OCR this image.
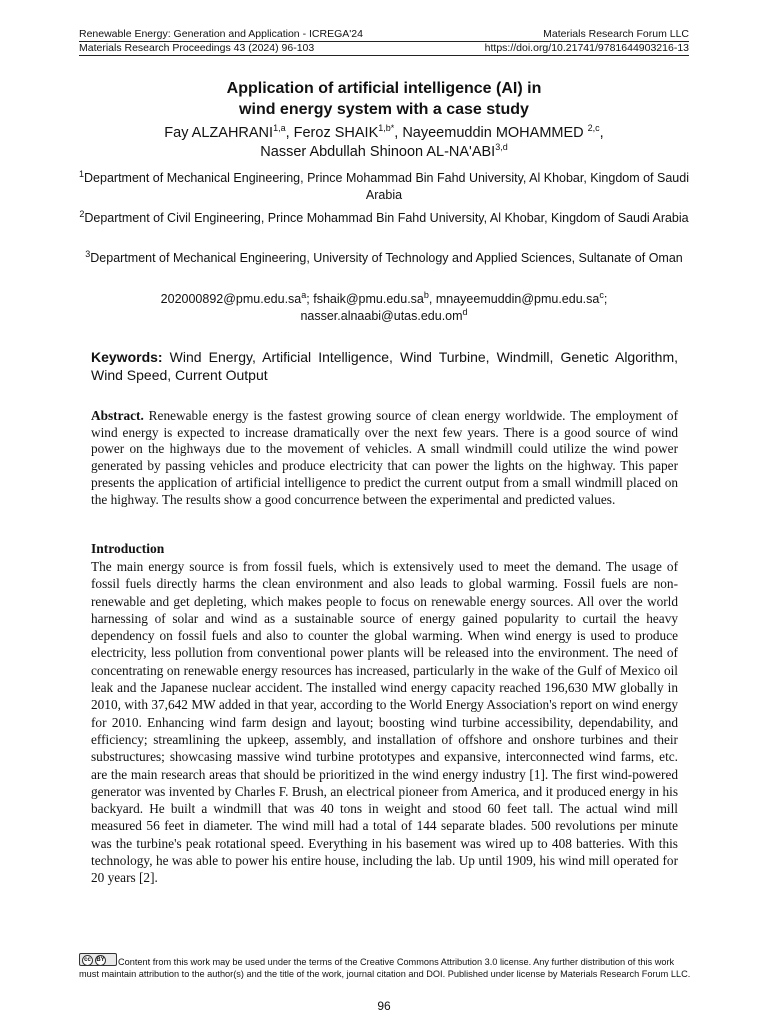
Renewable Energy: Generation and Application - ICREGA'24	Materials Research Forum LLC
Materials Research Proceedings 43 (2024) 96-103	https://doi.org/10.21741/9781644903216-13
Application of artificial intelligence (AI) in
wind energy system with a case study
Fay ALZAHRANI$^{1,a}$, Feroz $SHAIK^{1,b*}$, Nayeemuddin MOHAMMED $^{2,c}$,
Nasser Abdullah Shinoon AL-NA'ABI$^{3,d}$
$^1$Department of Mechanical Engineering, Prince Mohammad Bin Fahd University, Al Khobar, Kingdom of Saudi Arabia
$^2$Department of Civil Engineering, Prince Mohammad Bin Fahd University, Al Khobar, Kingdom of Saudi Arabia
$^3$Department of Mechanical Engineering, University of Technology and Applied Sciences, Sultanate of Oman
$202000892@pmu.edu.sa^a$; $fshaik@pmu.edu.sa^b$, $mnayeemuddin@pmu.edu.sa^c$; $nasser.alnaabi@utas.edu.om^d$
Keywords: Wind Energy, Artificial Intelligence, Wind Turbine, Windmill, Genetic Algorithm, Wind Speed, Current Output
Abstract. Renewable energy is the fastest growing source of clean energy worldwide. The employment of wind energy is expected to increase dramatically over the next few years. There is a good source of wind power on the highways due to the movement of vehicles. A small windmill could utilize the wind power generated by passing vehicles and produce electricity that can power the lights on the highway. This paper presents the application of artificial intelligence to predict the current output from a small windmill placed on the highway. The results show a good concurrence between the experimental and predicted values.
Introduction
The main energy source is from fossil fuels, which is extensively used to meet the demand. The usage of fossil fuels directly harms the clean environment and also leads to global warming. Fossil fuels are non-renewable and get depleting, which makes people to focus on renewable energy sources. All over the world harnessing of solar and wind as a sustainable source of energy gained popularity to curtail the heavy dependency on fossil fuels and also to counter the global warming. When wind energy is used to produce electricity, less pollution from conventional power plants will be released into the environment. The need of concentrating on renewable energy resources has increased, particularly in the wake of the Gulf of Mexico oil leak and the Japanese nuclear accident. The installed wind energy capacity reached 196,630 MW globally in 2010, with 37,642 MW added in that year, according to the World Energy Association's report on wind energy for 2010. Enhancing wind farm design and layout; boosting wind turbine accessibility, dependability, and efficiency; streamlining the upkeep, assembly, and installation of offshore and onshore turbines and their substructures; showcasing massive wind turbine prototypes and expansive, interconnected wind farms, etc. are the main research areas that should be prioritized in the wind energy industry [1]. The first wind-powered generator was invented by Charles F. Brush, an electrical pioneer from America, and it produced energy in his backyard. He built a windmill that was 40 tons in weight and stood 60 feet tall. The actual wind mill measured 56 feet in diameter. The wind mill had a total of 144 separate blades. 500 revolutions per minute was the turbine's peak rotational speed. Everything in his basement was wired up to 408 batteries. With this technology, he was able to power his entire house, including the lab. Up until 1909, his wind mill operated for 20 years [2].
cc BY Content from this work may be used under the terms of the Creative Commons Attribution 3.0 license. Any further distribution of this work must maintain attribution to the author(s) and the title of the work, journal citation and DOI. Published under license by Materials Research Forum LLC.
96
